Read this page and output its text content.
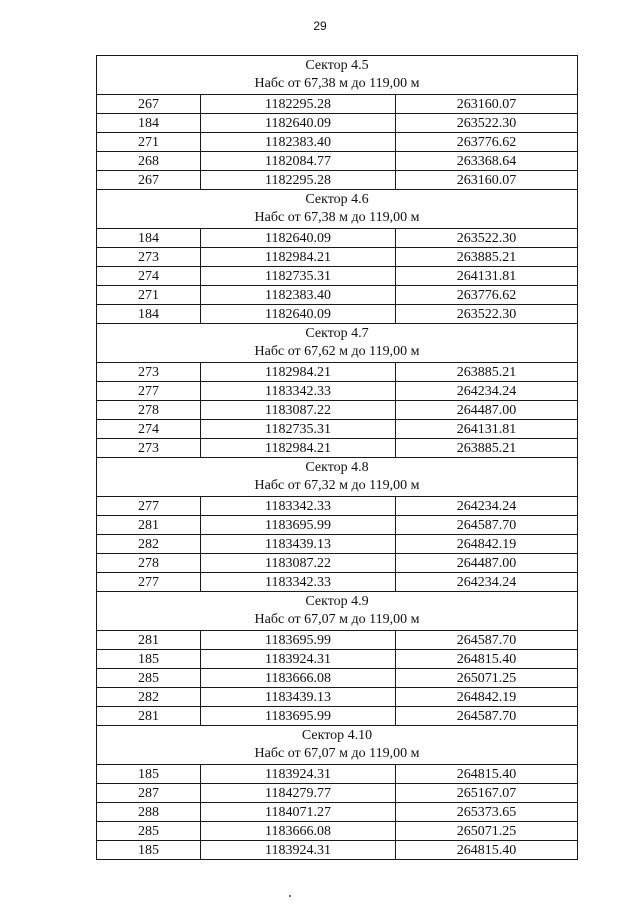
29
Сектор 4.5
Набс от 67,38 м до 119,00 м		

267	1182295.28	263160.07
184	1182640.09	263522.30
271	1182383.40	263776.62
268	1182084.77	263368.64
267	1182295.28	263160.07

Сектор 4.6
Набс от 67,38 м до 119,00 м		

184	1182640.09	263522.30
273	1182984.21	263885.21
274	1182735.31	264131.81
271	1182383.40	263776.62
184	1182640.09	263522.30

Сектор 4.7
Набс от 67,62 м до 119,00 м		

273	1182984.21	263885.21
277	1183342.33	264234.24
278	1183087.22	264487.00
274	1182735.31	264131.81
273	1182984.21	263885.21

Сектор 4.8
Набс от 67,32 м до 119,00 м		

277	1183342.33	264234.24
281	1183695.99	264587.70
282	1183439.13	264842.19
278	1183087.22	264487.00
277	1183342.33	264234.24

Сектор 4.9
Набс от 67,07 м до 119,00 м		

281	1183695.99	264587.70
185	1183924.31	264815.40
285	1183666.08	265071.25
282	1183439.13	264842.19
281	1183695.99	264587.70

Сектор 4.10
Набс от 67,07 м до 119,00 м		

185	1183924.31	264815.40
287	1184279.77	265167.07
288	1184071.27	265373.65
285	1183666.08	265071.25
185	1183924.31	264815.40
